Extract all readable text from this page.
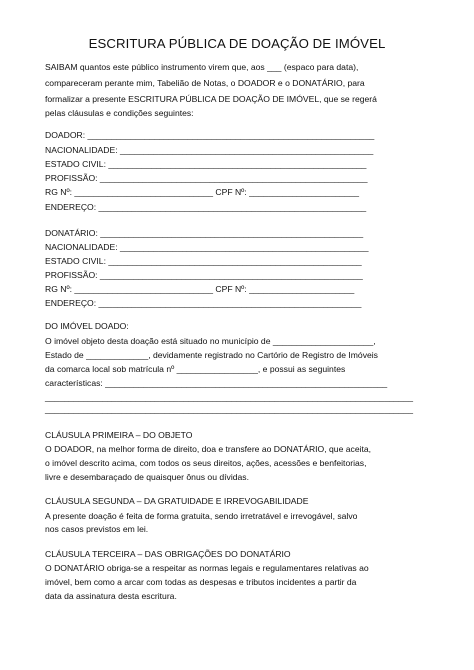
ESCRITURA PÚBLICA DE DOAÇÃO DE IMÓVEL
SAIBAM quantos este público instrumento virem que, aos ___ (espaco para data),
compareceram perante mim, Tabelião de Notas, o DOADOR e o DONATÁRIO, para
formalizar a presente ESCRITURA PÚBLICA DE DOAÇÃO DE IMÓVEL, que se regerá
pelas cláusulas e condições seguintes:
DOADOR: ____________________________________________________________
NACIONALIDADE: _____________________________________________________
ESTADO CIVIL: ______________________________________________________
PROFISSÃO: ________________________________________________________
RG Nº: _____________________________ CPF Nº: _______________________
ENDEREÇO: ________________________________________________________
DONATÁRIO: _______________________________________________________
NACIONALIDADE: ____________________________________________________
ESTADO CIVIL: _____________________________________________________
PROFISSÃO: _______________________________________________________
RG Nº: _____________________________ CPF Nº: ______________________
ENDEREÇO: _______________________________________________________
DO IMÓVEL DOADO:
O imóvel objeto desta doação está situado no município de _____________________,
Estado de _____________, devidamente registrado no Cartório de Registro de Imóveis
da comarca local sob matrícula nº _________________, e possui as seguintes
características: ___________________________________________________________
_____________________________________________________________________________
_____________________________________________________________________________
CLÁUSULA PRIMEIRA – DO OBJETO
O DOADOR, na melhor forma de direito, doa e transfere ao DONATÁRIO, que aceita,
o imóvel descrito acima, com todos os seus direitos, ações, acessões e benfeitorias,
livre e desembaraçado de quaisquer ônus ou dívidas.
CLÁUSULA SEGUNDA – DA GRATUIDADE E IRREVOGABILIDADE
A presente doação é feita de forma gratuita, sendo irretratável e irrevogável, salvo
nos casos previstos em lei.
CLÁUSULA TERCEIRA – DAS OBRIGAÇÕES DO DONATÁRIO
O DONATÁRIO obriga-se a respeitar as normas legais e regulamentares relativas ao
imóvel, bem como a arcar com todas as despesas e tributos incidentes a partir da
data da assinatura desta escritura.
